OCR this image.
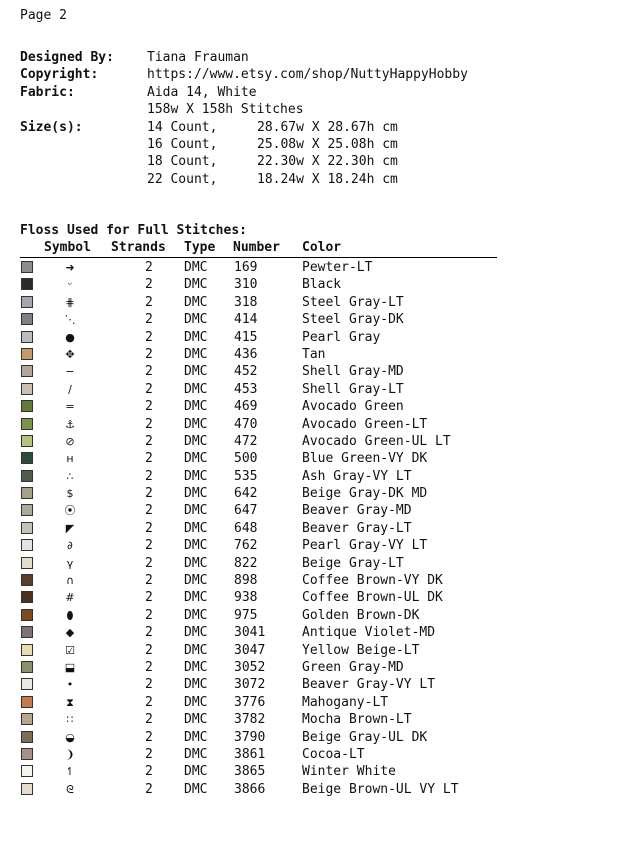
Page 2
Designed By:	Tiana Frauman
Copyright:	https://www.etsy.com/shop/NuttyHappyHobby
Fabric:	Aida 14, White
158w X 158h Stitches
Size(s):	14 Count,	28.67w X 28.67h cm
16 Count,	25.08w X 25.08h cm
18 Count,	22.30w X 22.30h cm
22 Count,	18.24w X 18.24h cm
Floss Used for Full Stitches:
Symbol Strands Type Number Color
➜	2 DMC 169	Pewter-LT
ᵕ	2 DMC 310	Black
⋕	2 DMC 318	Steel Gray-LT
⋱	2 DMC 414	Steel Gray-DK
●	2 DMC 415	Pearl Gray
✥	2 DMC 436	Tan
−	2 DMC 452	Shell Gray-MD
∕	2 DMC 453	Shell Gray-LT
=	2 DMC 469	Avocado Green
⚓	2 DMC 470	Avocado Green-LT
⊘	2 DMC 472	Avocado Green-UL LT
н	2 DMC 500	Blue Green-VY DK
∴	2 DMC 535	Ash Gray-VY LT
$	2 DMC 642	Beige Gray-DK MD
⦿	2 DMC 647	Beaver Gray-MD
◤	2 DMC 648	Beaver Gray-LT
∂	2 DMC 762	Pearl Gray-VY LT
γ	2 DMC 822	Beige Gray-LT
∩	2 DMC 898	Coffee Brown-VY DK
#	2 DMC 938	Coffee Brown-UL DK
⬮	2 DMC 975	Golden Brown-DK
◆	2 DMC 3041	Antique Violet-MD
☑	2 DMC 3047	Yellow Beige-LT
⬓	2 DMC 3052	Green Gray-MD
•	2 DMC 3072	Beaver Gray-VY LT
⧗	2 DMC 3776	Mahogany-LT
∷	2 DMC 3782	Mocha Brown-LT
◒	2 DMC 3790	Beige Gray-UL DK
❩	2 DMC 3861	Cocoa-LT
↿	2 DMC 3865	Winter White
ᘓ	2 DMC 3866	Beige Brown-UL VY LT
